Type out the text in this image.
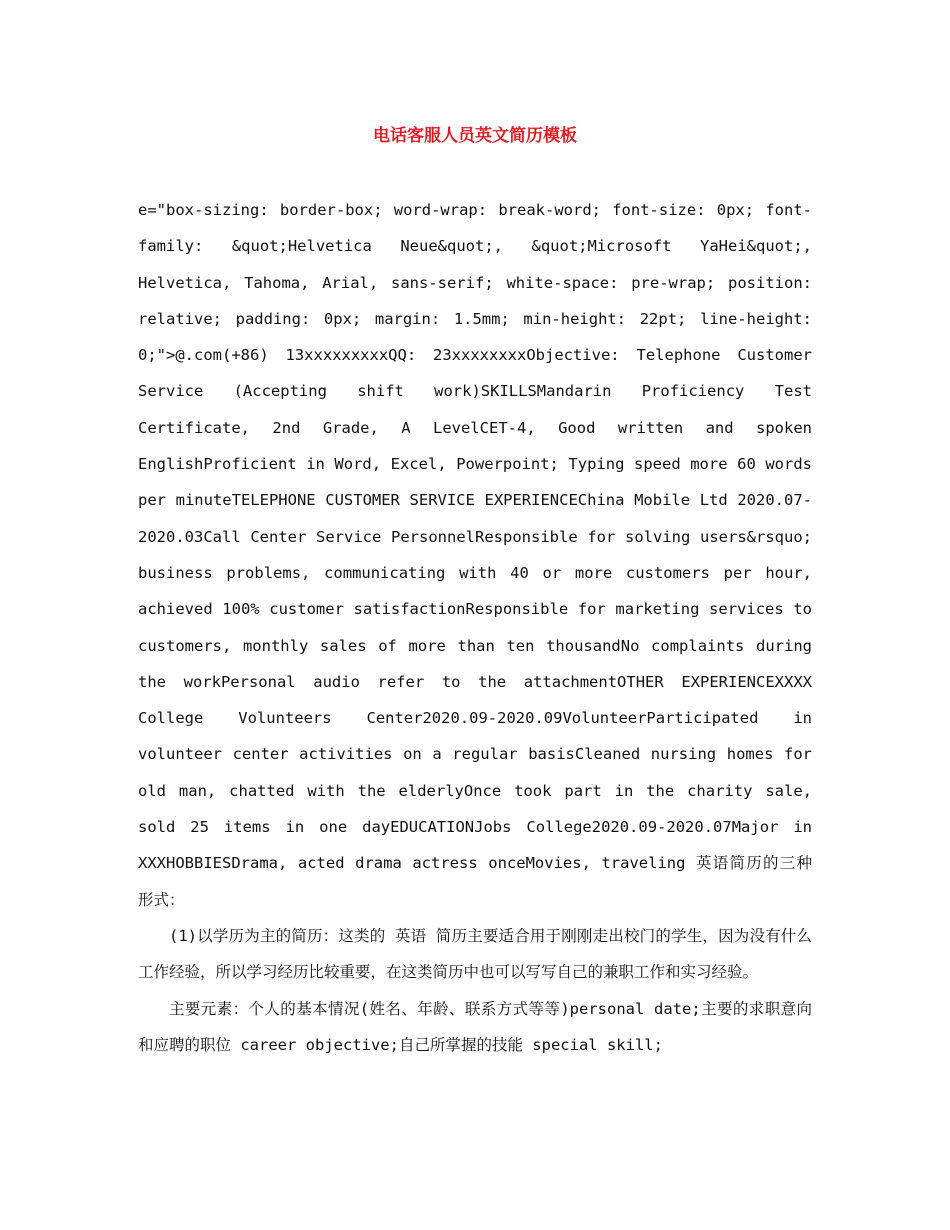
电话客服人员英文简历模板

e="box-sizing: border-box; word-wrap: break-word; font-size: 0px; font-family: &quot;Helvetica Neue&quot;, &quot;Microsoft YaHei&quot;, Helvetica, Tahoma, Arial, sans-serif; white-space: pre-wrap; position: relative; padding: 0px; margin: 1.5mm; min-height: 22pt; line-height: 0;">@.com(+86) 13xxxxxxxxxQQ: 23xxxxxxxxObjective: Telephone Customer Service (Accepting shift work)SKILLSMandarin Proficiency Test Certificate, 2nd Grade, A LevelCET-4, Good written and spoken EnglishProficient in Word, Excel, Powerpoint; Typing speed more 60 words per minuteTELEPHONE CUSTOMER SERVICE EXPERIENCEChina Mobile Ltd 2020.07-2020.03Call Center Service PersonnelResponsible for solving users&rsquo; business problems, communicating with 40 or more customers per hour, achieved 100% customer satisfactionResponsible for marketing services to customers, monthly sales of more than ten thousandNo complaints during the workPersonal audio refer to the attachmentOTHER EXPERIENCEXXXX College Volunteers Center2020.09-2020.09VolunteerParticipated in volunteer center activities on a regular basisCleaned nursing homes for old man, chatted with the elderlyOnce took part in the charity sale, sold 25 items in one dayEDUCATIONJobs College2020.09-2020.07Major in XXXHOBBIESDrama, acted drama actress onceMovies, traveling 英语简历的三种形式：

(1)以学历为主的简历：这类的 英语 简历主要适合用于刚刚走出校门的学生，因为没有什么工作经验，所以学习经历比较重要，在这类简历中也可以写写自己的兼职工作和实习经验。

主要元素：个人的基本情况(姓名、年龄、联系方式等等)personal date;主要的求职意向和应聘的职位 career objective;自己所掌握的技能 special skill;
